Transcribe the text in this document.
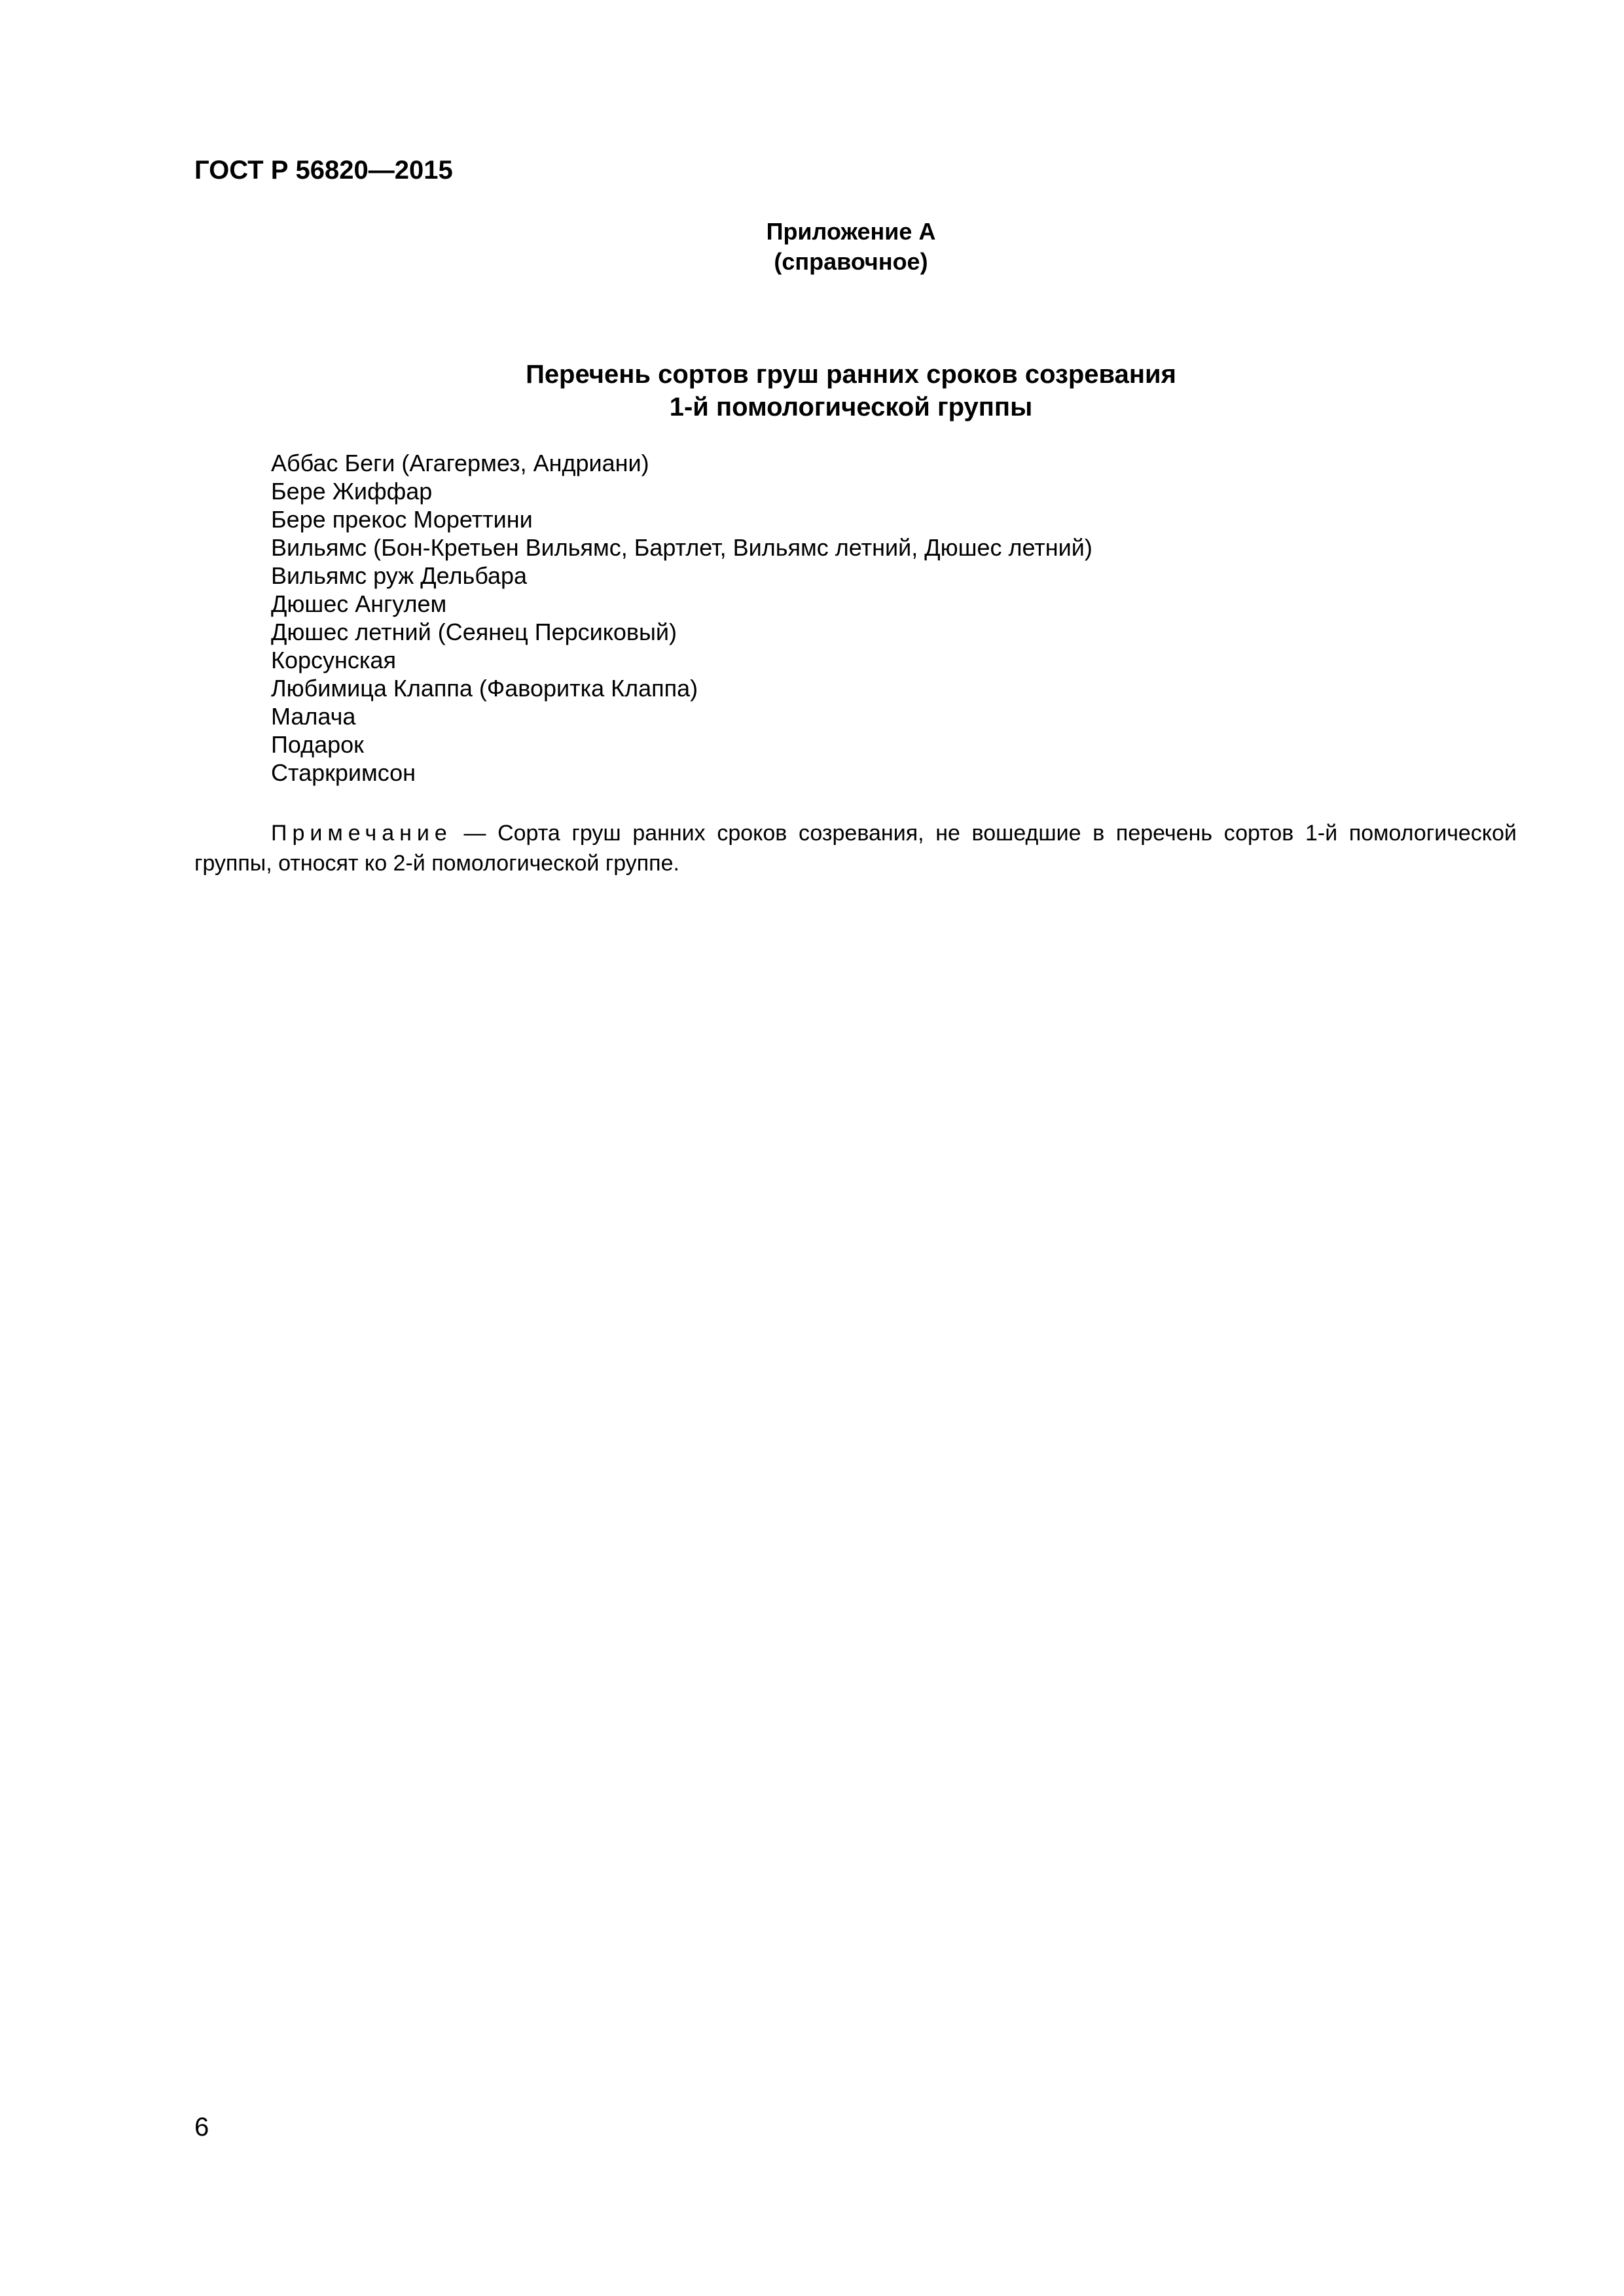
ГОСТ Р 56820—2015
Приложение А
(справочное)
Перечень сортов груш ранних сроков созревания
1-й помологической группы
Аббас Беги (Агагермез, Андриани)
Бере Жиффар
Бере прекос Мореттини
Вильямс (Бон-Кретьен Вильямс, Бартлет, Вильямс летний, Дюшес летний)
Вильямс руж Дельбара
Дюшес Ангулем
Дюшес летний (Сеянец Персиковый)
Корсунская
Любимица Клаппа (Фаворитка Клаппа)
Малача
Подарок
Старкримсон

Примечание — Сорта груш ранних сроков созревания, не вошедшие в перечень сортов 1-й помологической группы, относят ко 2-й помологической группе.

6
